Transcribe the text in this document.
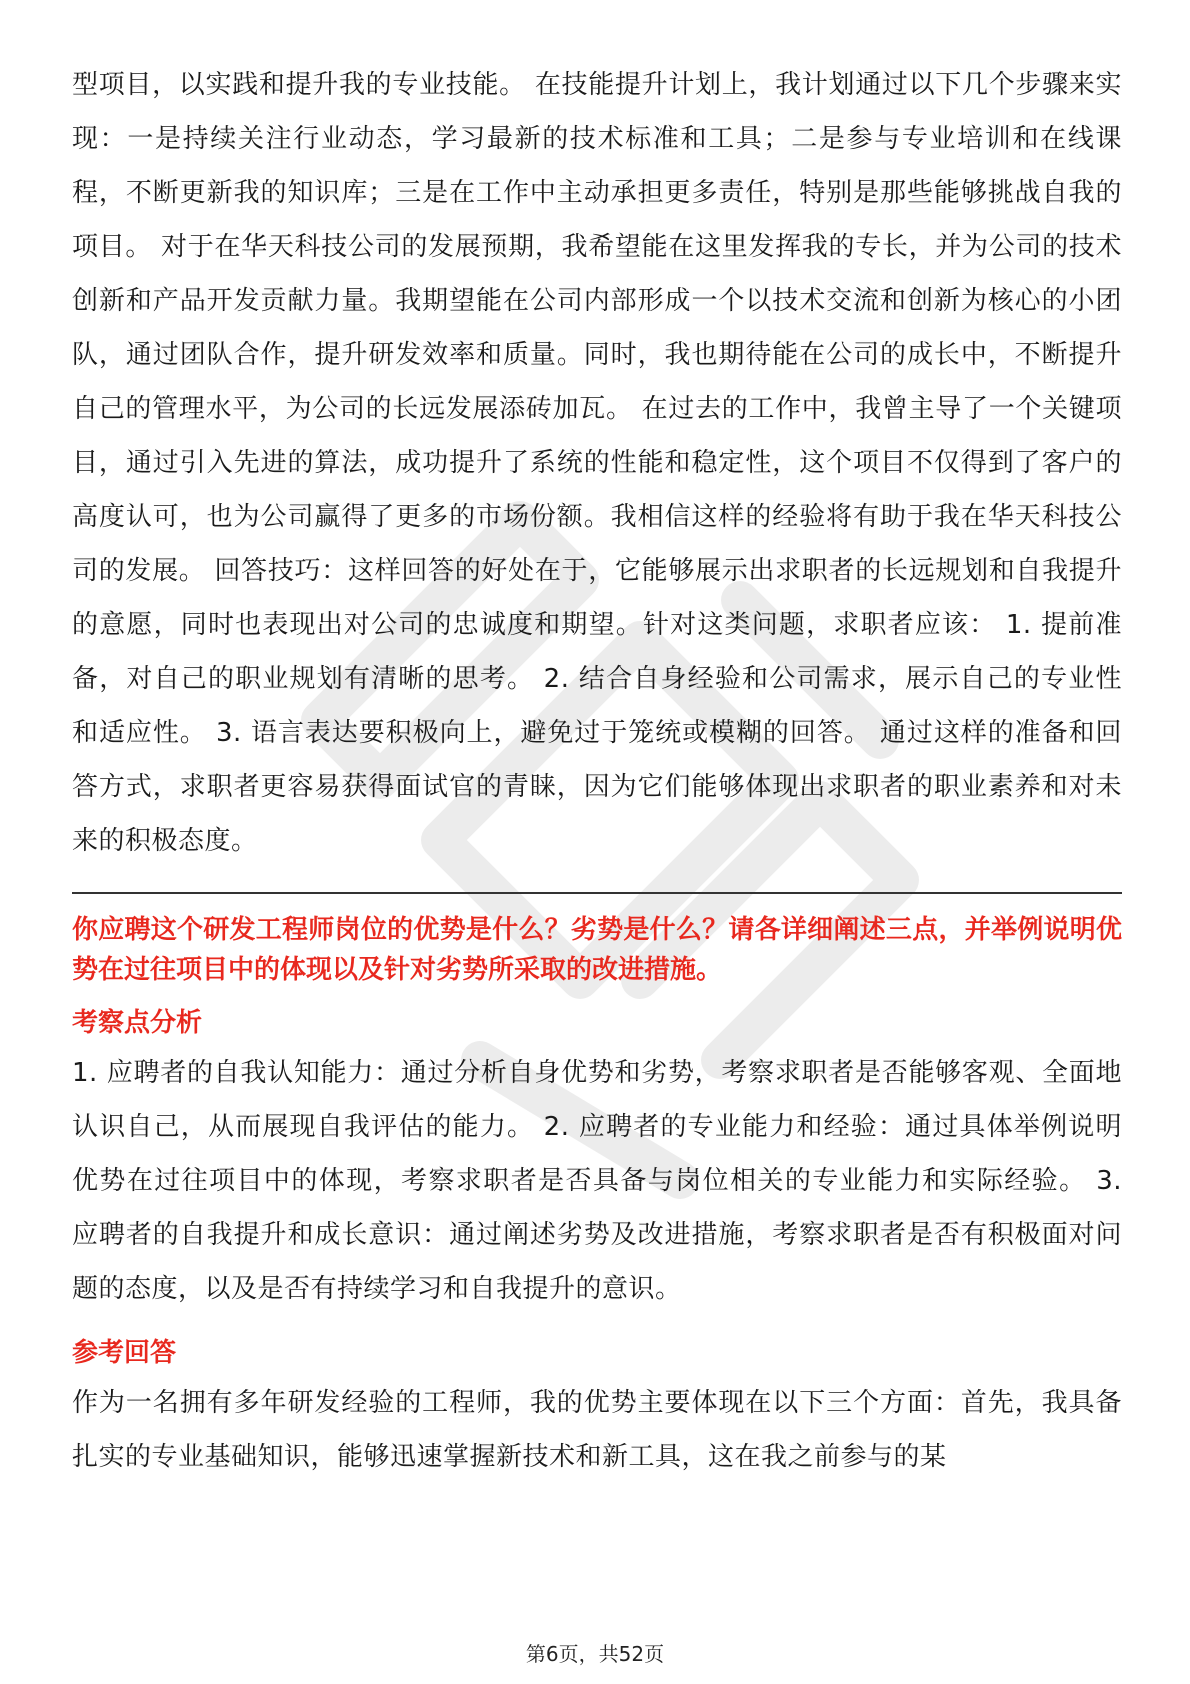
型项目，以实践和提升我的专业技能。 在技能提升计划上，我计划通过以下几个步骤来实现：一是持续关注行业动态，学习最新的技术标准和工具；二是参与专业培训和在线课程，不断更新我的知识库；三是在工作中主动承担更多责任，特别是那些能够挑战自我的项目。 对于在华天科技公司的发展预期，我希望能在这里发挥我的专长，并为公司的技术创新和产品开发贡献力量。我期望能在公司内部形成一个以技术交流和创新为核心的小团队，通过团队合作，提升研发效率和质量。同时，我也期待能在公司的成长中，不断提升自己的管理水平，为公司的长远发展添砖加瓦。 在过去的工作中，我曾主导了一个关键项目，通过引入先进的算法，成功提升了系统的性能和稳定性，这个项目不仅得到了客户的高度认可，也为公司赢得了更多的市场份额。我相信这样的经验将有助于我在华天科技公司的发展。 回答技巧：这样回答的好处在于，它能够展示出求职者的长远规划和自我提升的意愿，同时也表现出对公司的忠诚度和期望。针对这类问题，求职者应该： 1. 提前准备，对自己的职业规划有清晰的思考。 2. 结合自身经验和公司需求，展示自己的专业性和适应性。 3. 语言表达要积极向上，避免过于笼统或模糊的回答。 通过这样的准备和回答方式，求职者更容易获得面试官的青睐，因为它们能够体现出求职者的职业素养和对未来的积极态度。

你应聘这个研发工程师岗位的优势是什么？劣势是什么？请各详细阐述三点，并举例说明优势在过往项目中的体现以及针对劣势所采取的改进措施。

考察点分析

1. 应聘者的自我认知能力：通过分析自身优势和劣势，考察求职者是否能够客观、全面地认识自己，从而展现自我评估的能力。 2. 应聘者的专业能力和经验：通过具体举例说明优势在过往项目中的体现，考察求职者是否具备与岗位相关的专业能力和实际经验。 3. 应聘者的自我提升和成长意识：通过阐述劣势及改进措施，考察求职者是否有积极面对问题的态度，以及是否有持续学习和自我提升的意识。

参考回答

作为一名拥有多年研发经验的工程师，我的优势主要体现在以下三个方面：首先，我具备扎实的专业基础知识，能够迅速掌握新技术和新工具，这在我之前参与的某

第6页，共52页
